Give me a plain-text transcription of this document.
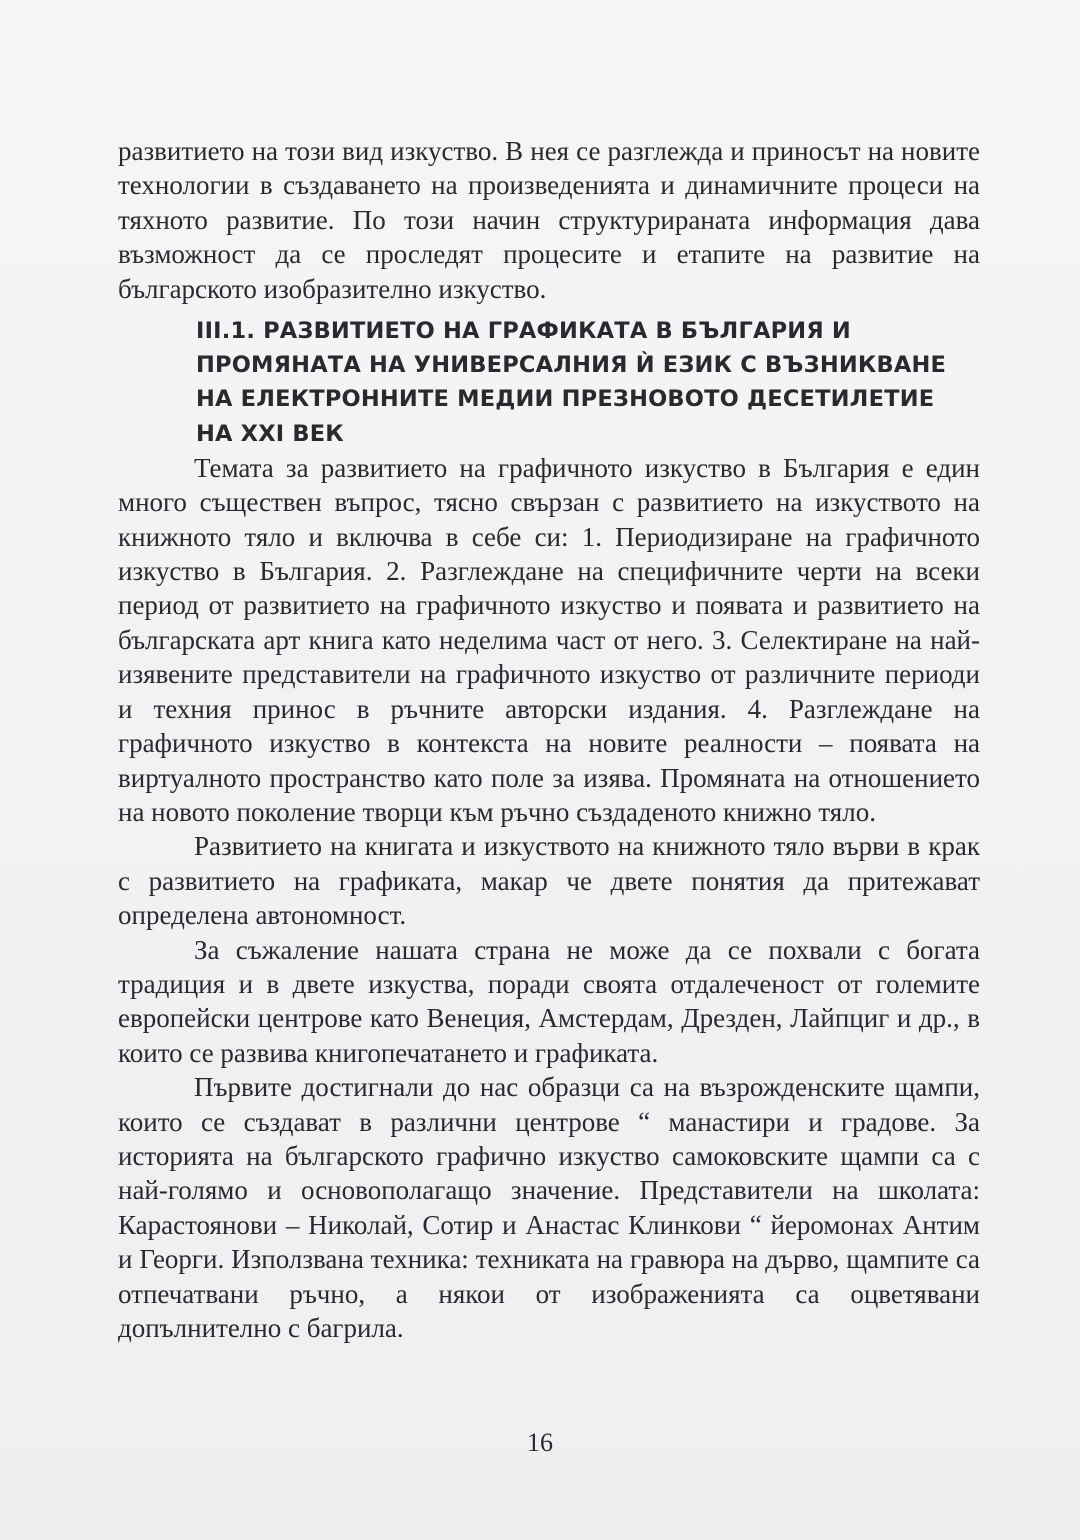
развитието на този вид изкуство. В нея се разглежда и приносът на новите технологии в създаването на произведенията и динамичните процеси на тяхното развитие. По този начин структурираната информация дава възможност да се проследят процесите и етапите на развитие на българското изобразително изкуство.

III.1. РАЗВИТИЕТО НА ГРАФИКАТА В БЪЛГАРИЯ И
ПРОМЯНАТА НА УНИВЕРСАЛНИЯ Ѝ ЕЗИК С ВЪЗНИКВАНЕ
НА ЕЛЕКТРОННИТЕ МЕДИИ ПРЕЗНОВОТО ДЕСЕТИЛЕТИЕ
НА XXI ВЕК

Темата за развитието на графичното изкуство в България е един много съществен въпрос, тясно свързан с развитието на изкуството на книжното тяло и включва в себе си: 1. Периодизиране на графичното изкуство в България. 2. Разглеждане на специфичните черти на всеки период от развитието на графичното изкуство и появата и развитието на българската арт книга като неделима част от него. 3. Селектиране на най-изявените представители на графичното изкуство от различните периоди и техния принос в ръчните авторски издания. 4. Разглеждане на графичното изкуство в контекста на новите реалности – появата на виртуалното пространство като поле за изява. Промяната на отношението на новото поколение творци към ръчно създаденото книжно тяло.

Развитието на книгата и изкуството на книжното тяло върви в крак с развитието на графиката, макар че двете понятия да притежават определена автономност.

За съжаление нашата страна не може да се похвали с богата традиция и в двете изкуства, поради своята отдалеченост от големите европейски центрове като Венеция, Амстердам, Дрезден, Лайпциг и др., в които се развива книгопечатането и графиката.

Първите достигнали до нас образци са на възрожденските щампи, които се създават в различни центрове “ манастири и градове. За историята на българското графично изкуство самоковските щампи са с най-голямо и основополагащо значение. Представители на школата: Карастоянови – Николай, Сотир и Анастас Клинкови “ йеромонах Антим и Георги. Използвана техника: техниката на гравюра на дърво, щампите са отпечатвани ръчно, а някои от изображенията са оцветявани допълнително с багрила.

16
